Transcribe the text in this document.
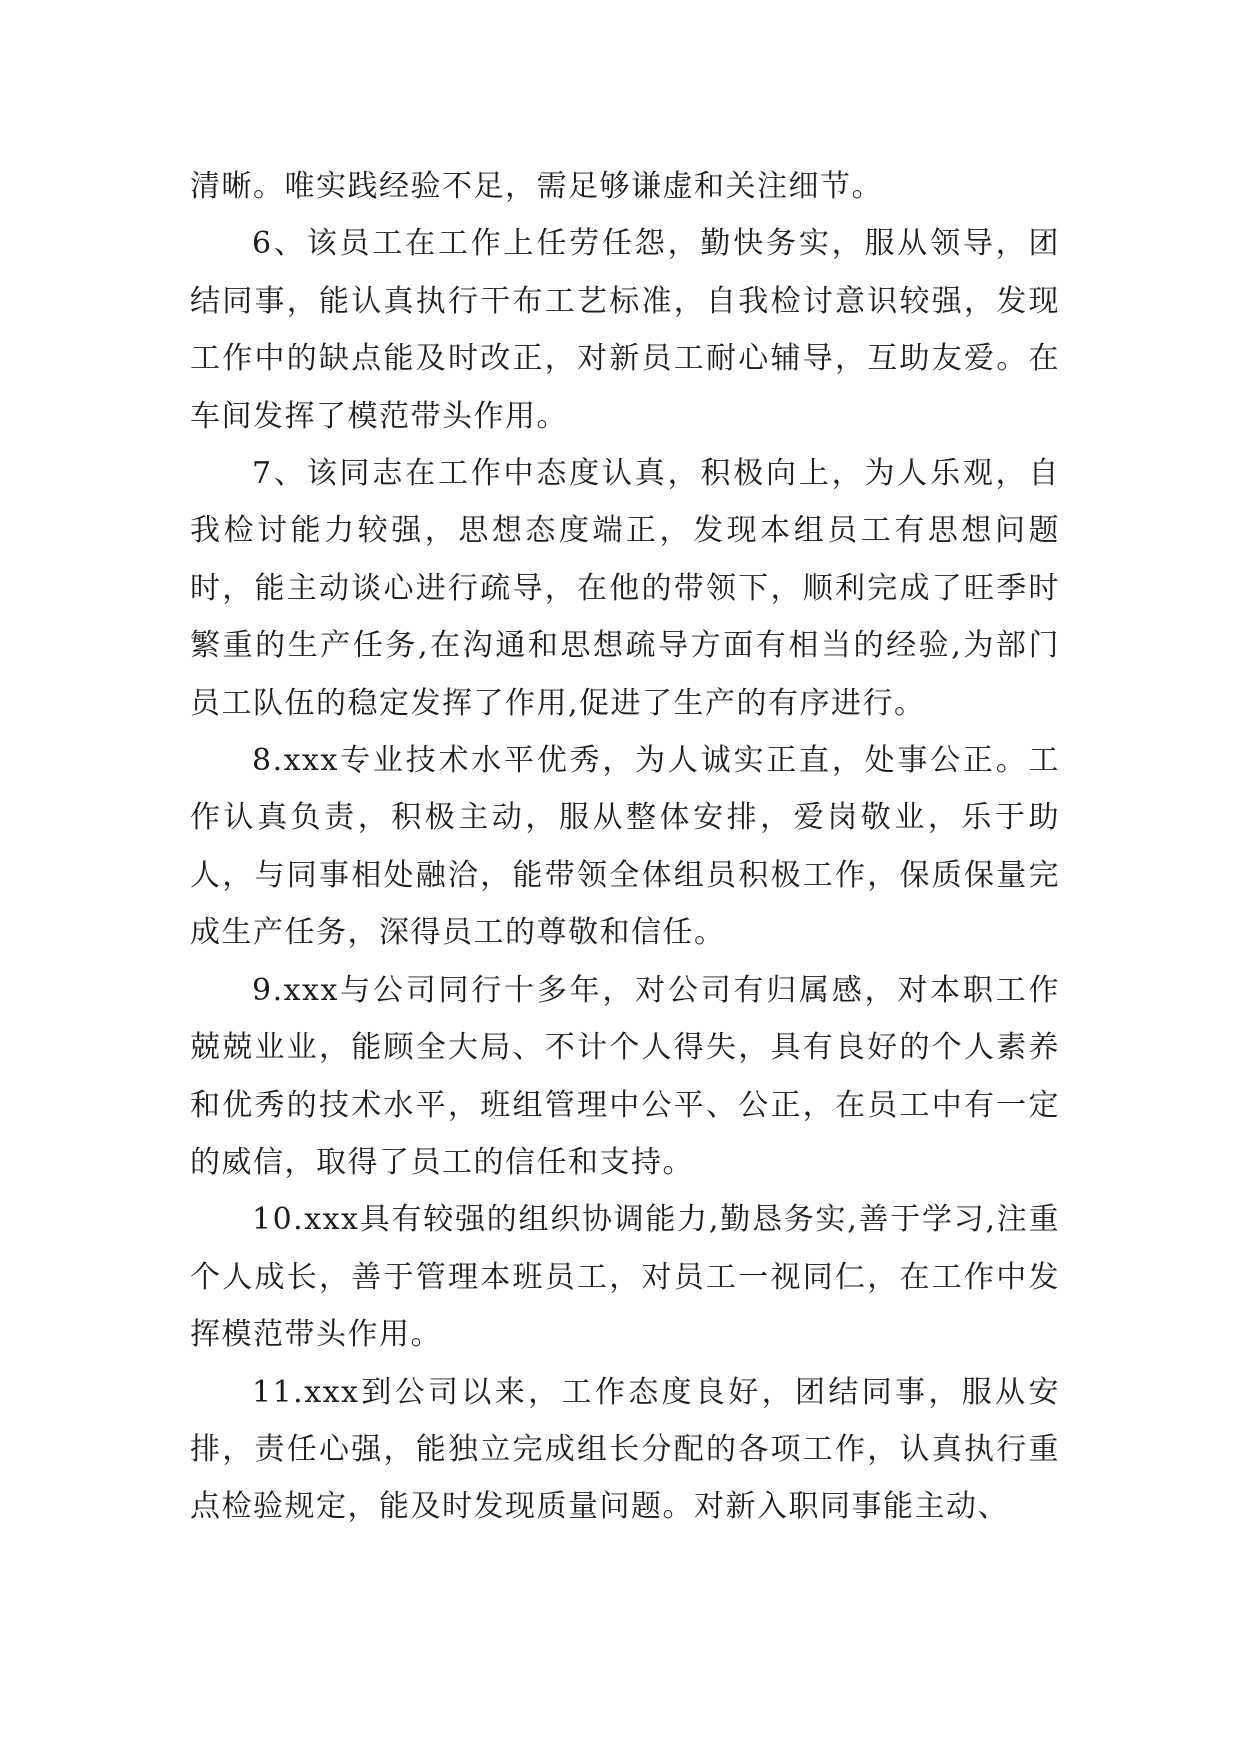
清晰。唯实践经验不足，需足够谦虚和关注细节。

6、该员工在工作上任劳任怨，勤快务实，服从领导，团结同事，能认真执行干布工艺标准，自我检讨意识较强，发现工作中的缺点能及时改正，对新员工耐心辅导，互助友爱。在车间发挥了模范带头作用。

7、该同志在工作中态度认真，积极向上，为人乐观，自我检讨能力较强，思想态度端正，发现本组员工有思想问题时，能主动谈心进行疏导，在他的带领下，顺利完成了旺季时繁重的生产任务,在沟通和思想疏导方面有相当的经验,为部门员工队伍的稳定发挥了作用,促进了生产的有序进行。

8.xxx专业技术水平优秀，为人诚实正直，处事公正。工作认真负责，积极主动，服从整体安排，爱岗敬业，乐于助人，与同事相处融洽，能带领全体组员积极工作，保质保量完成生产任务，深得员工的尊敬和信任。

9.xxx与公司同行十多年，对公司有归属感，对本职工作兢兢业业，能顾全大局、不计个人得失，具有良好的个人素养和优秀的技术水平，班组管理中公平、公正，在员工中有一定的威信，取得了员工的信任和支持。

10.xxx具有较强的组织协调能力,勤恳务实,善于学习,注重个人成长，善于管理本班员工，对员工一视同仁，在工作中发挥模范带头作用。

11.xxx到公司以来，工作态度良好，团结同事，服从安排，责任心强，能独立完成组长分配的各项工作，认真执行重点检验规定，能及时发现质量问题。对新入职同事能主动、
